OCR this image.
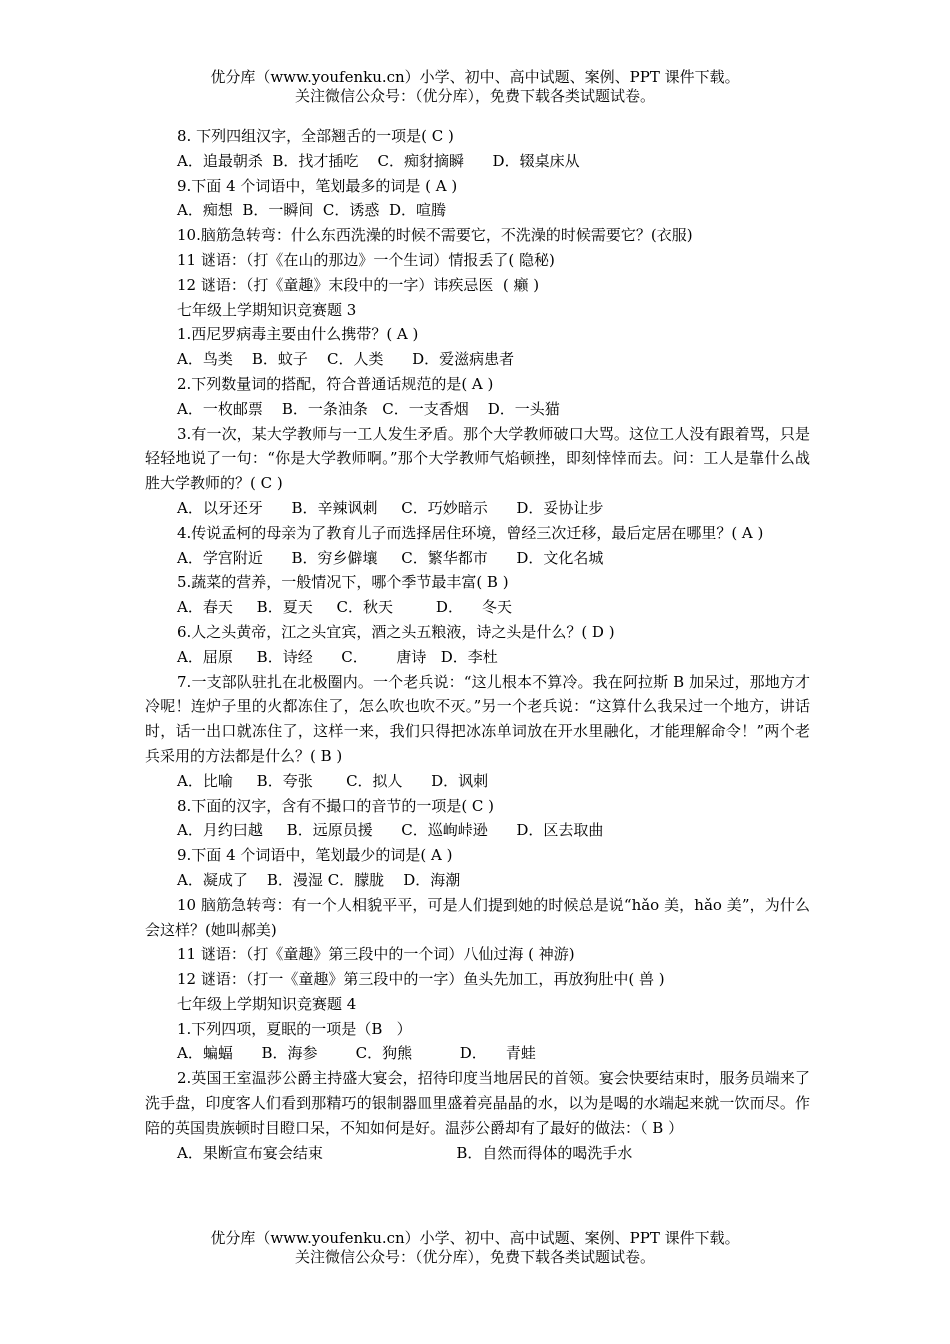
优分库（www.youfenku.cn）小学、初中、高中试题、案例、PPT 课件下载。
关注微信公众号：（优分库），免费下载各类试题试卷。
8. 下列四组汉字，全部翘舌的一项是( C )
A．追最朝杀  B．找才插吃    C．痴豺摘瞬      D．辍桌床从
9.下面 4 个词语中，笔划最多的词是 ( A )
A．痴想  B．一瞬间  C．诱惑  D．喧腾
10.脑筋急转弯：什么东西洗澡的时候不需要它，不洗澡的时候需要它？(衣服)
11 谜语：（打《在山的那边》一个生词）情报丢了( 隐秘)
12 谜语：（打《童趣》末段中的一字）讳疾忌医  ( 癞 )
七年级上学期知识竞赛题 3
1.西尼罗病毒主要由什么携带？( A )
A．鸟类    B．蚊子    C．人类      D．爱滋病患者
2.下列数量词的搭配，符合普通话规范的是( A )
A．一枚邮票    B．一条油条   C．一支香烟    D．一头猫
3.有一次，某大学教师与一工人发生矛盾。那个大学教师破口大骂。这位工人没有跟着骂，只是轻轻地说了一句：“你是大学教师啊。”那个大学教师气焰顿挫，即刻悻悻而去。问：工人是靠什么战胜大学教师的？( C )
A．以牙还牙      B．辛辣讽刺     C．巧妙暗示      D．妥协让步
4.传说孟柯的母亲为了教育儿子而选择居住环境，曾经三次迁移，最后定居在哪里？( A )
A．学宫附近      B．穷乡僻壤     C．繁华都市      D．文化名城
5.蔬菜的营养，一般情况下，哪个季节最丰富( B )
A．春天     B．夏天     C．秋天         D．    冬天
6.人之头黄帝，江之头宜宾，酒之头五粮液，诗之头是什么？( D )
A．屈原     B．诗经      C．      唐诗   D．李杜
7.一支部队驻扎在北极圈内。一个老兵说：“这儿根本不算冷。我在阿拉斯 B 加呆过，那地方才冷呢！连炉子里的火都冻住了，怎么吹也吹不灭。”另一个老兵说：“这算什么我呆过一个地方，讲话时，话一出口就冻住了，这样一来，我们只得把冰冻单词放在开水里融化，才能理解命令！”两个老兵采用的方法都是什么？( B )
A．比喻     B．夸张       C．拟人      D．讽刺
8.下面的汉字，含有不撮口的音节的一项是( C )
A．月约曰越     B．远原员援      C．巡峋峠逊      D．区去取曲
9.下面 4 个词语中，笔划最少的词是( A )
A．凝成了    B．漫湿 C．朦胧    D．海潮
10 脑筋急转弯：有一个人相貌平平，可是人们提到她的时候总是说“hǎo 美，hǎo 美”，为什么会这样？(她叫郝美)
11 谜语：（打《童趣》第三段中的一个词）八仙过海 ( 神游)
12 谜语：（打一《童趣》第三段中的一字）鱼头先加工，再放狗肚中( 兽 )
七年级上学期知识竞赛题 4
1.下列四项，夏眠的一项是（B   ）
A．蝙蝠      B．海参        C．狗熊          D．    青蛙
2.英国王室温莎公爵主持盛大宴会，招待印度当地居民的首领。宴会快要结束时，服务员端来了洗手盘，印度客人们看到那精巧的银制器皿里盛着亮晶晶的水，以为是喝的水端起来就一饮而尽。作陪的英国贵族顿时目瞪口呆，不知如何是好。温莎公爵却有了最好的做法：（ B ）
A．果断宣布宴会结束                            B．自然而得体的喝洗手水
优分库（www.youfenku.cn）小学、初中、高中试题、案例、PPT 课件下载。
关注微信公众号：（优分库），免费下载各类试题试卷。
